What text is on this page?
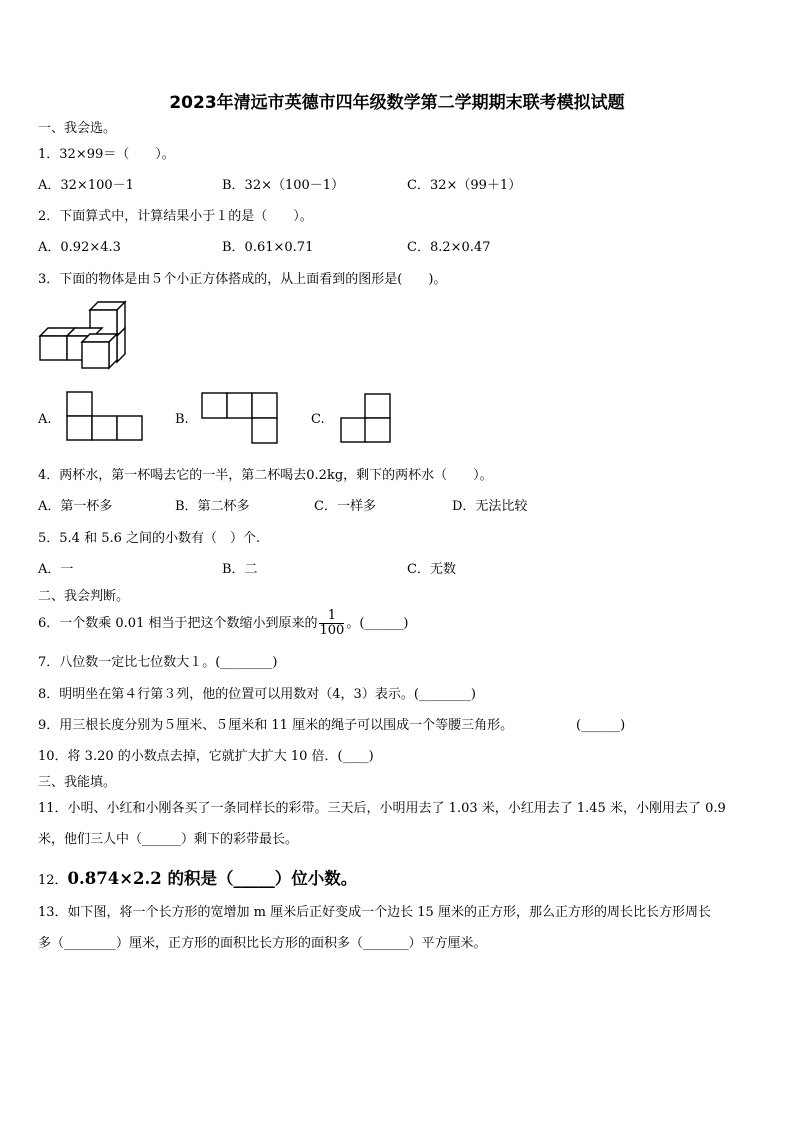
2023年清远市英德市四年级数学第二学期期末联考模拟试题
一、我会选。
1．32×99＝（　　）。
A．32×100－1	B．32×（100－1）	C．32×（99＋1）
2．下面算式中，计算结果小于１的是（　　）。
A．0.92×4.3	B．0.61×0.71	C．8.2×0.47
3．下面的物体是由５个小正方体搭成的，从上面看到的图形是(　　)。
A.	B.	C.
4．两杯水，第一杯喝去它的一半，第二杯喝去0.2kg，剩下的两杯水（　　）。
A．第一杯多	B．第二杯多	C．一样多	D．无法比较
5．5.4 和 5.6 之间的小数有（　）个.
A．一	B．二	C．无数
二、我会判断。
6．一个数乘 0.01 相当于把这个数缩小到原来的 $\frac{1}{100}$ 。(______)
7．八位数一定比七位数大１。(________)
8．明明坐在第４行第３列，他的位置可以用数对（4，3）表示。(________)
9．用三根长度分别为５厘米、５厘米和 11 厘米的绳子可以围成一个等腰三角形。	(______)
10．将 3.20 的小数点去掉，它就扩大扩大 10 倍．(____)
三、我能填。
11．小明、小红和小刚各买了一条同样长的彩带。三天后，小明用去了 1.03 米，小红用去了 1.45 米，小刚用去了 0.9
米，他们三人中（______）剩下的彩带最长。
12．0.874×2.2 的积是（_____）位小数。
13．如下图，将一个长方形的宽增加 m 厘米后正好变成一个边长 15 厘米的正方形，那么正方形的周长比长方形周长
多（________）厘米，正方形的面积比长方形的面积多（_______）平方厘米。
